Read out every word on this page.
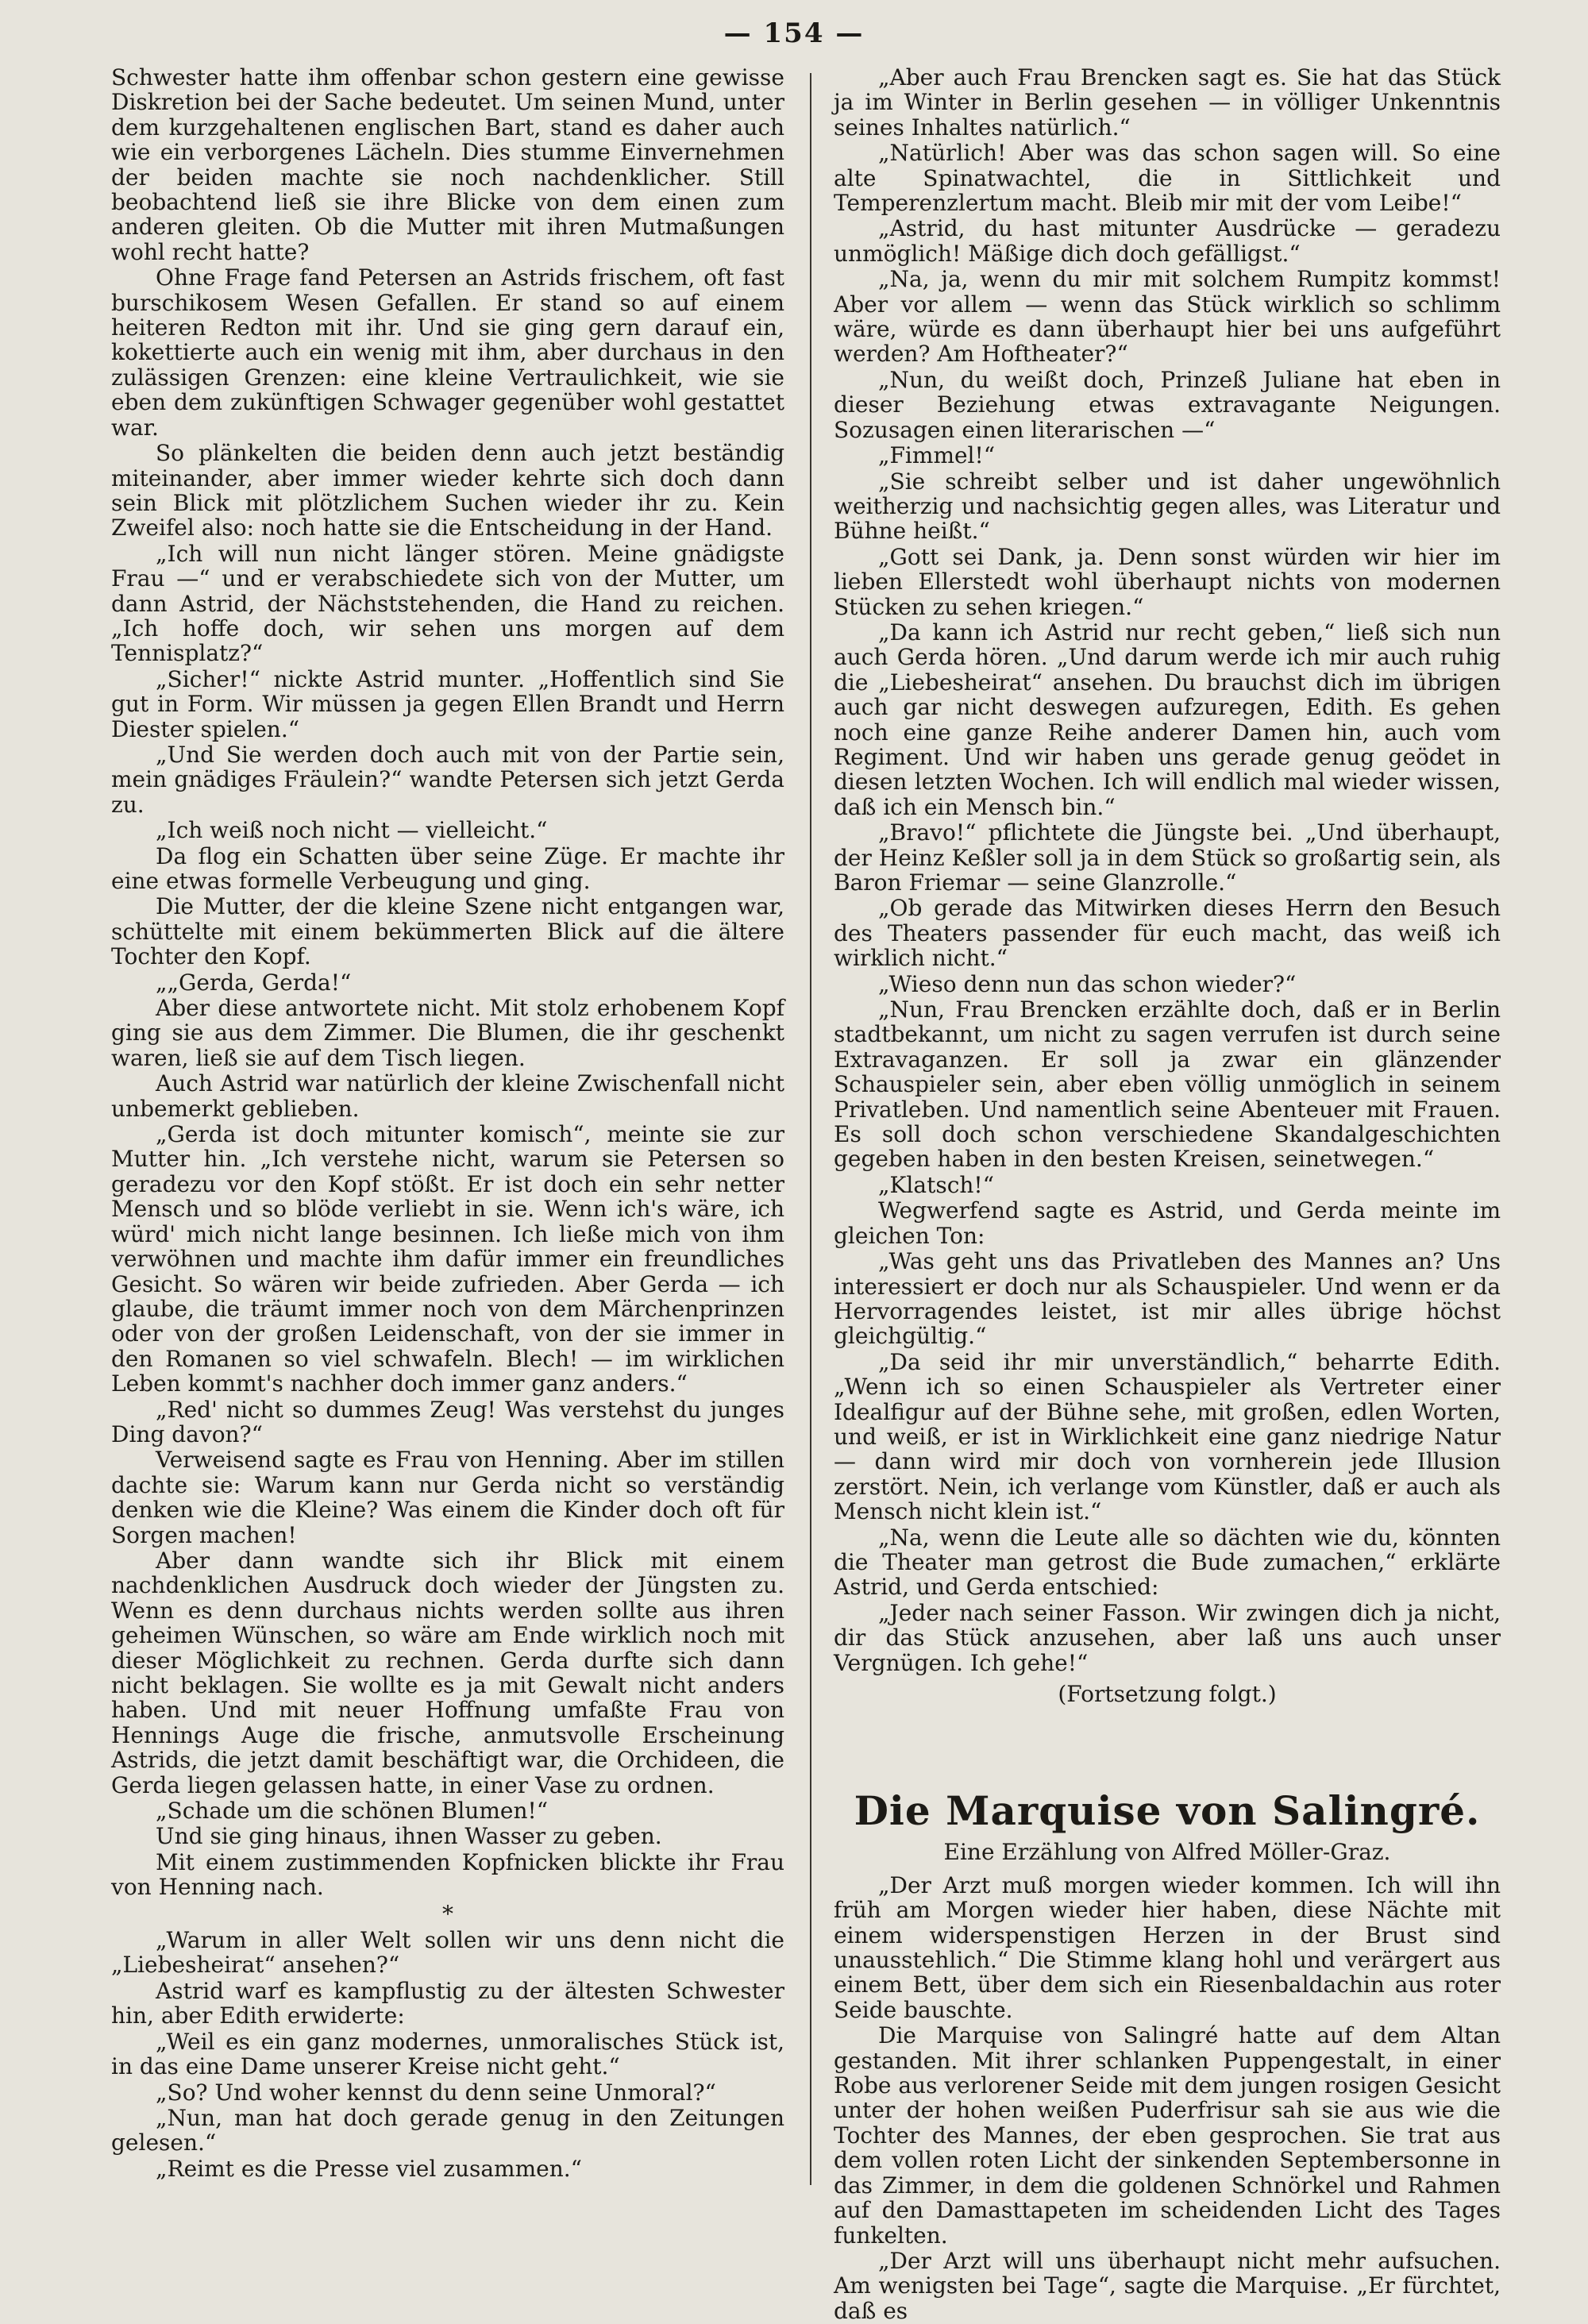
— 154 —

Schwester hatte ihm offenbar schon gestern eine gewisse Diskretion bei der Sache bedeutet. Um seinen Mund, unter dem kurzgehaltenen englischen Bart, stand es daher auch wie ein verborgenes Lächeln. Dies stumme Einvernehmen der beiden machte sie noch nachdenklicher. Still beobachtend ließ sie ihre Blicke von dem einen zum anderen gleiten. Ob die Mutter mit ihren Mutmaßungen wohl recht hatte?

Ohne Frage fand Petersen an Astrids frischem, oft fast burschikosem Wesen Gefallen. Er stand so auf einem heiteren Redton mit ihr. Und sie ging gern darauf ein, kokettierte auch ein wenig mit ihm, aber durchaus in den zulässigen Grenzen: eine kleine Vertraulichkeit, wie sie eben dem zukünftigen Schwager gegenüber wohl gestattet war.

So plänkelten die beiden denn auch jetzt beständig miteinander, aber immer wieder kehrte sich doch dann sein Blick mit plötzlichem Suchen wieder ihr zu. Kein Zweifel also: noch hatte sie die Entscheidung in der Hand.

„Ich will nun nicht länger stören. Meine gnädigste Frau —“ und er verabschiedete sich von der Mutter, um dann Astrid, der Nächststehenden, die Hand zu reichen. „Ich hoffe doch, wir sehen uns morgen auf dem Tennisplatz?“

„Sicher!“ nickte Astrid munter. „Hoffentlich sind Sie gut in Form. Wir müssen ja gegen Ellen Brandt und Herrn Diester spielen.“

„Und Sie werden doch auch mit von der Partie sein, mein gnädiges Fräulein?“ wandte Petersen sich jetzt Gerda zu.

„Ich weiß noch nicht — vielleicht.“

Da flog ein Schatten über seine Züge. Er machte ihr eine etwas formelle Verbeugung und ging.

Die Mutter, der die kleine Szene nicht entgangen war, schüttelte mit einem bekümmerten Blick auf die ältere Tochter den Kopf.

„„Gerda, Gerda!“

Aber diese antwortete nicht. Mit stolz erhobenem Kopf ging sie aus dem Zimmer. Die Blumen, die ihr geschenkt waren, ließ sie auf dem Tisch liegen.

Auch Astrid war natürlich der kleine Zwischenfall nicht unbemerkt geblieben.

„Gerda ist doch mitunter komisch“, meinte sie zur Mutter hin. „Ich verstehe nicht, warum sie Petersen so geradezu vor den Kopf stößt. Er ist doch ein sehr netter Mensch und so blöde verliebt in sie. Wenn ich's wäre, ich würd' mich nicht lange besinnen. Ich ließe mich von ihm verwöhnen und machte ihm dafür immer ein freundliches Gesicht. So wären wir beide zufrieden. Aber Gerda — ich glaube, die träumt immer noch von dem Märchenprinzen oder von der großen Leidenschaft, von der sie immer in den Romanen so viel schwafeln. Blech! — im wirklichen Leben kommt's nachher doch immer ganz anders.“

„Red' nicht so dummes Zeug! Was verstehst du junges Ding davon?“

Verweisend sagte es Frau von Henning. Aber im stillen dachte sie: Warum kann nur Gerda nicht so verständig denken wie die Kleine? Was einem die Kinder doch oft für Sorgen machen!

Aber dann wandte sich ihr Blick mit einem nachdenklichen Ausdruck doch wieder der Jüngsten zu. Wenn es denn durchaus nichts werden sollte aus ihren geheimen Wünschen, so wäre am Ende wirklich noch mit dieser Möglichkeit zu rechnen. Gerda durfte sich dann nicht beklagen. Sie wollte es ja mit Gewalt nicht anders haben. Und mit neuer Hoffnung umfaßte Frau von Hennings Auge die frische, anmutsvolle Erscheinung Astrids, die jetzt damit beschäftigt war, die Orchideen, die Gerda liegen gelassen hatte, in einer Vase zu ordnen.

„Schade um die schönen Blumen!“

Und sie ging hinaus, ihnen Wasser zu geben.

Mit einem zustimmenden Kopfnicken blickte ihr Frau von Henning nach.

*

„Warum in aller Welt sollen wir uns denn nicht die „Liebesheirat“ ansehen?“

Astrid warf es kampflustig zu der ältesten Schwester hin, aber Edith erwiderte:

„Weil es ein ganz modernes, unmoralisches Stück ist, in das eine Dame unserer Kreise nicht geht.“

„So? Und woher kennst du denn seine Unmoral?“

„Nun, man hat doch gerade genug in den Zeitungen gelesen.“

„Reimt es die Presse viel zusammen.“

„Aber auch Frau Brencken sagt es. Sie hat das Stück ja im Winter in Berlin gesehen — in völliger Unkenntnis seines Inhaltes natürlich.“

„Natürlich! Aber was das schon sagen will. So eine alte Spinatwachtel, die in Sittlichkeit und Temperenzlertum macht. Bleib mir mit der vom Leibe!“

„Astrid, du hast mitunter Ausdrücke — geradezu unmöglich! Mäßige dich doch gefälligst.“

„Na, ja, wenn du mir mit solchem Rumpitz kommst! Aber vor allem — wenn das Stück wirklich so schlimm wäre, würde es dann überhaupt hier bei uns aufgeführt werden? Am Hoftheater?“

„Nun, du weißt doch, Prinzeß Juliane hat eben in dieser Beziehung etwas extravagante Neigungen. Sozusagen einen literarischen —“

„Fimmel!“

„Sie schreibt selber und ist daher ungewöhnlich weitherzig und nachsichtig gegen alles, was Literatur und Bühne heißt.“

„Gott sei Dank, ja. Denn sonst würden wir hier im lieben Ellerstedt wohl überhaupt nichts von modernen Stücken zu sehen kriegen.“

„Da kann ich Astrid nur recht geben,“ ließ sich nun auch Gerda hören. „Und darum werde ich mir auch ruhig die „Liebesheirat“ ansehen. Du brauchst dich im übrigen auch gar nicht deswegen aufzuregen, Edith. Es gehen noch eine ganze Reihe anderer Damen hin, auch vom Regiment. Und wir haben uns gerade genug geödet in diesen letzten Wochen. Ich will endlich mal wieder wissen, daß ich ein Mensch bin.“

„Bravo!“ pflichtete die Jüngste bei. „Und überhaupt, der Heinz Keßler soll ja in dem Stück so großartig sein, als Baron Friemar — seine Glanzrolle.“

„Ob gerade das Mitwirken dieses Herrn den Besuch des Theaters passender für euch macht, das weiß ich wirklich nicht.“

„Wieso denn nun das schon wieder?“

„Nun, Frau Brencken erzählte doch, daß er in Berlin stadtbekannt, um nicht zu sagen verrufen ist durch seine Extravaganzen. Er soll ja zwar ein glänzender Schauspieler sein, aber eben völlig unmöglich in seinem Privatleben. Und namentlich seine Abenteuer mit Frauen. Es soll doch schon verschiedene Skandalgeschichten gegeben haben in den besten Kreisen, seinetwegen.“

„Klatsch!“

Wegwerfend sagte es Astrid, und Gerda meinte im gleichen Ton:

„Was geht uns das Privatleben des Mannes an? Uns interessiert er doch nur als Schauspieler. Und wenn er da Hervorragendes leistet, ist mir alles übrige höchst gleichgültig.“

„Da seid ihr mir unverständlich,“ beharrte Edith. „Wenn ich so einen Schauspieler als Vertreter einer Idealfigur auf der Bühne sehe, mit großen, edlen Worten, und weiß, er ist in Wirklichkeit eine ganz niedrige Natur — dann wird mir doch von vornherein jede Illusion zerstört. Nein, ich verlange vom Künstler, daß er auch als Mensch nicht klein ist.“

„Na, wenn die Leute alle so dächten wie du, könnten die Theater man getrost die Bude zumachen,“ erklärte Astrid, und Gerda entschied:

„Jeder nach seiner Fasson. Wir zwingen dich ja nicht, dir das Stück anzusehen, aber laß uns auch unser Vergnügen. Ich gehe!“

(Fortsetzung folgt.)

Die Marquise von Salingré.

Eine Erzählung von Alfred Möller-Graz.

„Der Arzt muß morgen wieder kommen. Ich will ihn früh am Morgen wieder hier haben, diese Nächte mit einem widerspenstigen Herzen in der Brust sind unausstehlich.“ Die Stimme klang hohl und verärgert aus einem Bett, über dem sich ein Riesenbaldachin aus roter Seide bauschte.

Die Marquise von Salingré hatte auf dem Altan gestanden. Mit ihrer schlanken Puppengestalt, in einer Robe aus verlorener Seide mit dem jungen rosigen Gesicht unter der hohen weißen Puderfrisur sah sie aus wie die Tochter des Mannes, der eben gesprochen. Sie trat aus dem vollen roten Licht der sinkenden Septembersonne in das Zimmer, in dem die goldenen Schnörkel und Rahmen auf den Damasttapeten im scheidenden Licht des Tages funkelten.

„Der Arzt will uns überhaupt nicht mehr aufsuchen. Am wenigsten bei Tage“, sagte die Marquise. „Er fürchtet, daß es
